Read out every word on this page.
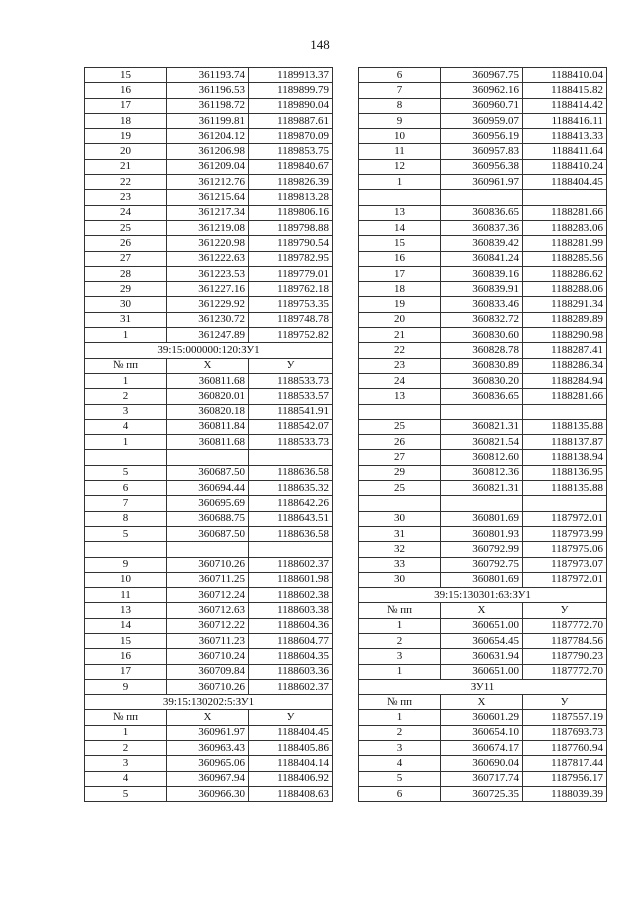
148
15	361193.74	1189913.37
16	361196.53	1189899.79
17	361198.72	1189890.04
18	361199.81	1189887.61
19	361204.12	1189870.09
20	361206.98	1189853.75
21	361209.04	1189840.67
22	361212.76	1189826.39
23	361215.64	1189813.28
24	361217.34	1189806.16
25	361219.08	1189798.88
26	361220.98	1189790.54
27	361222.63	1189782.95
28	361223.53	1189779.01
29	361227.16	1189762.18
30	361229.92	1189753.35
31	361230.72	1189748.78
1	361247.89	1189752.82
39:15:000000:120:ЗУ1		
№ пп	X	У
1	360811.68	1188533.73
2	360820.01	1188533.57
3	360820.18	1188541.91
4	360811.84	1188542.07
1	360811.68	1188533.73

5	360687.50	1188636.58
6	360694.44	1188635.32
7	360695.69	1188642.26
8	360688.75	1188643.51
5	360687.50	1188636.58

9	360710.26	1188602.37
10	360711.25	1188601.98
11	360712.24	1188602.38
13	360712.63	1188603.38
14	360712.22	1188604.36
15	360711.23	1188604.77
16	360710.24	1188604.35
17	360709.84	1188603.36
9	360710.26	1188602.37
39:15:130202:5:ЗУ1		
№ пп	X	У
1	360961.97	1188404.45
2	360963.43	1188405.86
3	360965.06	1188404.14
4	360967.94	1188406.92
5	360966.30	1188408.63
6	360967.75	1188410.04
7	360962.16	1188415.82
8	360960.71	1188414.42
9	360959.07	1188416.11
10	360956.19	1188413.33
11	360957.83	1188411.64
12	360956.38	1188410.24
1	360961.97	1188404.45

13	360836.65	1188281.66
14	360837.36	1188283.06
15	360839.42	1188281.99
16	360841.24	1188285.56
17	360839.16	1188286.62
18	360839.91	1188288.06
19	360833.46	1188291.34
20	360832.72	1188289.89
21	360830.60	1188290.98
22	360828.78	1188287.41
23	360830.89	1188286.34
24	360830.20	1188284.94
13	360836.65	1188281.66

25	360821.31	1188135.88
26	360821.54	1188137.87
27	360812.60	1188138.94
29	360812.36	1188136.95
25	360821.31	1188135.88

30	360801.69	1187972.01
31	360801.93	1187973.99
32	360792.99	1187975.06
33	360792.75	1187973.07
30	360801.69	1187972.01
39:15:130301:63:ЗУ1		
№ пп	X	У
1	360651.00	1187772.70
2	360654.45	1187784.56
3	360631.94	1187790.23
1	360651.00	1187772.70
ЗУ11		
№ пп	X	У
1	360601.29	1187557.19
2	360654.10	1187693.73
3	360674.17	1187760.94
4	360690.04	1187817.44
5	360717.74	1187956.17
6	360725.35	1188039.39
